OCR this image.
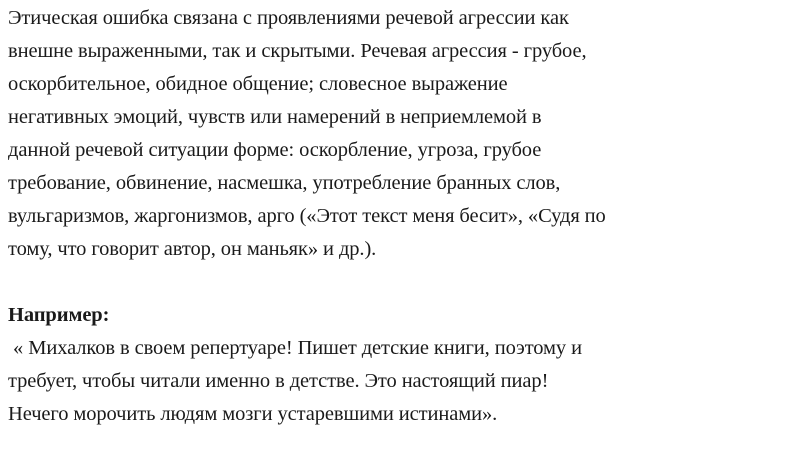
Этическая ошибка связана с проявлениями речевой агрессии как
внешне выраженными, так и скрытыми. Речевая агрессия - грубое,
оскорбительное, обидное общение; словесное выражение
негативных эмоций, чувств или намерений в неприемлемой в
данной речевой ситуации форме: оскорбление, угроза, грубое
требование, обвинение, насмешка, употребление бранных слов,
вульгаризмов, жаргонизмов, арго («Этот текст меня бесит», «Судя по
тому, что говорит автор, он маньяк» и др.).
Например:
« Михалков в своем репертуаре! Пишет детские книги, поэтому и
требует, чтобы читали именно в детстве. Это настоящий пиар!
Нечего морочить людям мозги устаревшими истинами».
